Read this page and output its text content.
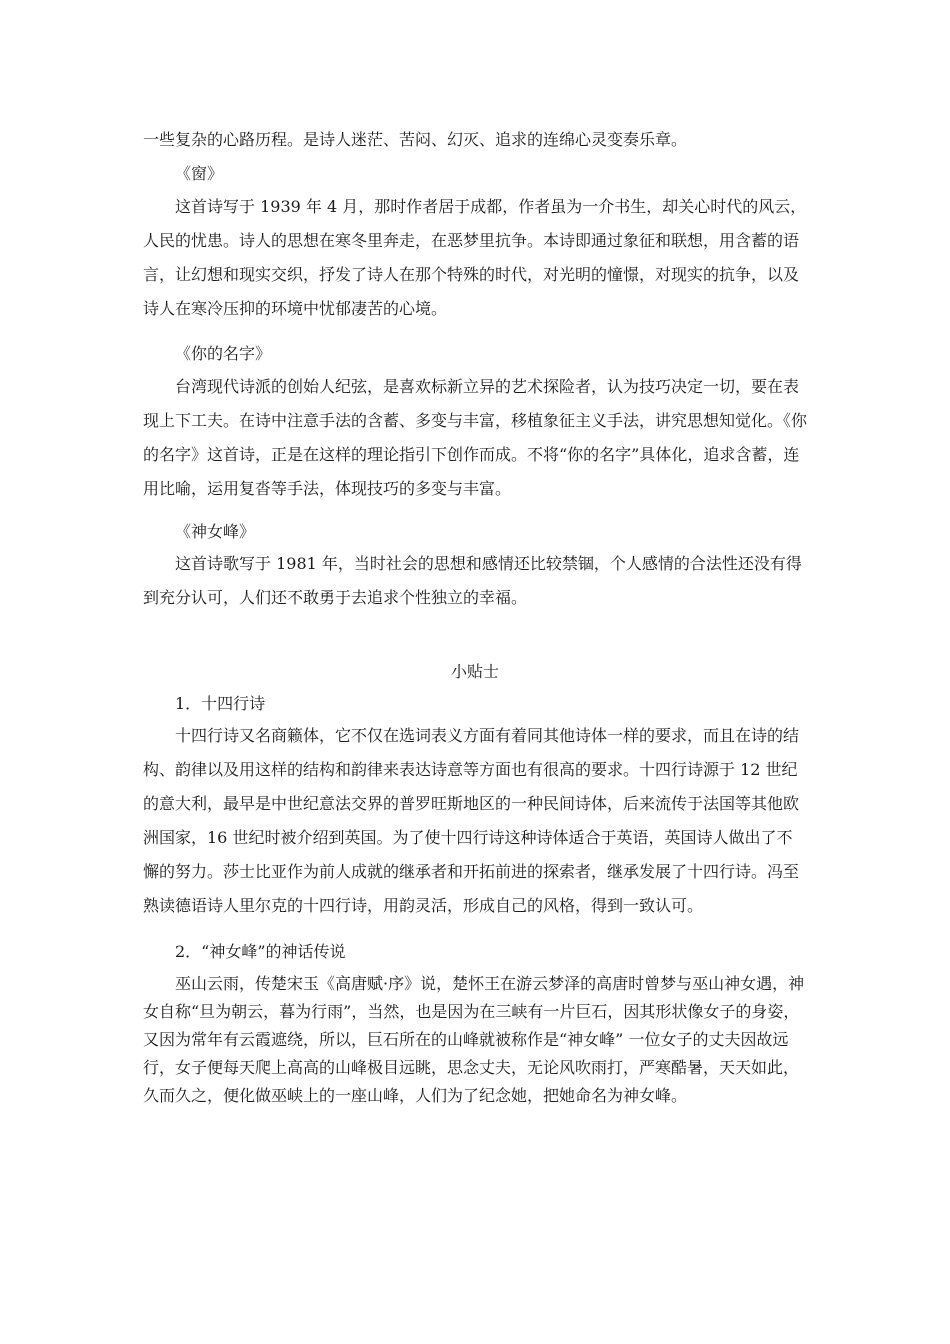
一些复杂的心路历程。是诗人迷茫、苦闷、幻灭、追求的连绵心灵变奏乐章。

《窗》

这首诗写于 1939 年 4 月，那时作者居于成都，作者虽为一介书生，却关心时代的风云，人民的忧患。诗人的思想在寒冬里奔走，在恶梦里抗争。本诗即通过象征和联想，用含蓄的语言，让幻想和现实交织，抒发了诗人在那个特殊的时代，对光明的憧憬，对现实的抗争，以及诗人在寒冷压抑的环境中忧郁凄苦的心境。

《你的名字》

台湾现代诗派的创始人纪弦，是喜欢标新立异的艺术探险者，认为技巧决定一切，要在表现上下工夫。在诗中注意手法的含蓄、多变与丰富，移植象征主义手法，讲究思想知觉化。《你的名字》这首诗，正是在这样的理论指引下创作而成。不将“你的名字”具体化，追求含蓄，连用比喻，运用复沓等手法，体现技巧的多变与丰富。

《神女峰》

这首诗歌写于 1981 年，当时社会的思想和感情还比较禁锢，个人感情的合法性还没有得到充分认可，人们还不敢勇于去追求个性独立的幸福。

小贴士

1．十四行诗

十四行诗又名商籁体，它不仅在选词表义方面有着同其他诗体一样的要求，而且在诗的结构、韵律以及用这样的结构和韵律来表达诗意等方面也有很高的要求。十四行诗源于 12 世纪的意大利，最早是中世纪意法交界的普罗旺斯地区的一种民间诗体，后来流传于法国等其他欧洲国家，16 世纪时被介绍到英国。为了使十四行诗这种诗体适合于英语，英国诗人做出了不懈的努力。莎士比亚作为前人成就的继承者和开拓前进的探索者，继承发展了十四行诗。冯至熟读德语诗人里尔克的十四行诗，用韵灵活，形成自己的风格，得到一致认可。

2．“神女峰”的神话传说

巫山云雨，传楚宋玉《高唐赋·序》说，楚怀王在游云梦泽的高唐时曾梦与巫山神女遇，神女自称“旦为朝云，暮为行雨”，当然，也是因为在三峡有一片巨石，因其形状像女子的身姿，又因为常年有云霞遮绕，所以，巨石所在的山峰就被称作是“神女峰” 一位女子的丈夫因故远行，女子便每天爬上高高的山峰极目远眺，思念丈夫，无论风吹雨打，严寒酷暑，天天如此，久而久之，便化做巫峡上的一座山峰，人们为了纪念她，把她命名为神女峰。
